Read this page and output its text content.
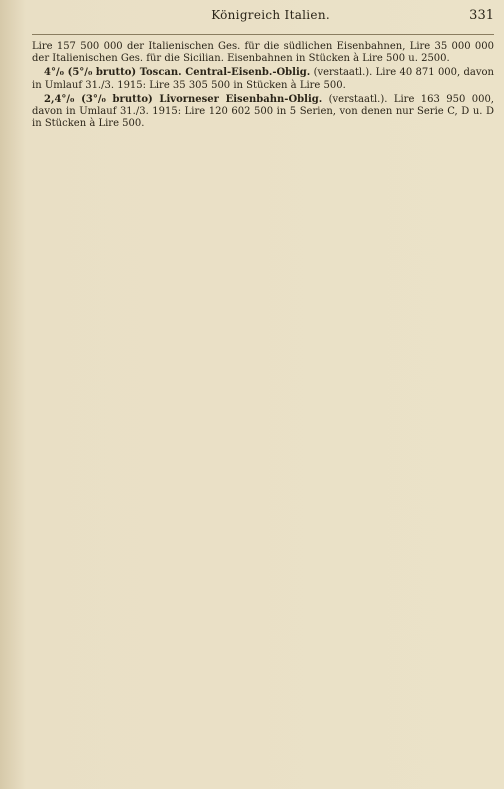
Königreich Italien.	331

Lire 157 500 000 der Italienischen Ges. für die südlichen Eisenbahnen, Lire 35 000 000 der Italienischen Ges. für die Sicilian. Eisenbahnen in Stücken à Lire 500 u. 2500.

4°/₀ (5°/₀ brutto) Toscan. Central-Eisenb.-Oblig. (verstaatl.). Lire 40 871 000, davon in Umlauf 31./3. 1915: Lire 35 305 500 in Stücken à Lire 500.

2,4°/₀ (3°/₀ brutto) Livorneser Eisenbahn-Oblig. (verstaatl.). Lire 163 950 000, davon in Umlauf 31./3. 1915: Lire 120 602 500 in 5 Serien, von denen nur Serie C, D u. D in Stücken à Lire 500.
